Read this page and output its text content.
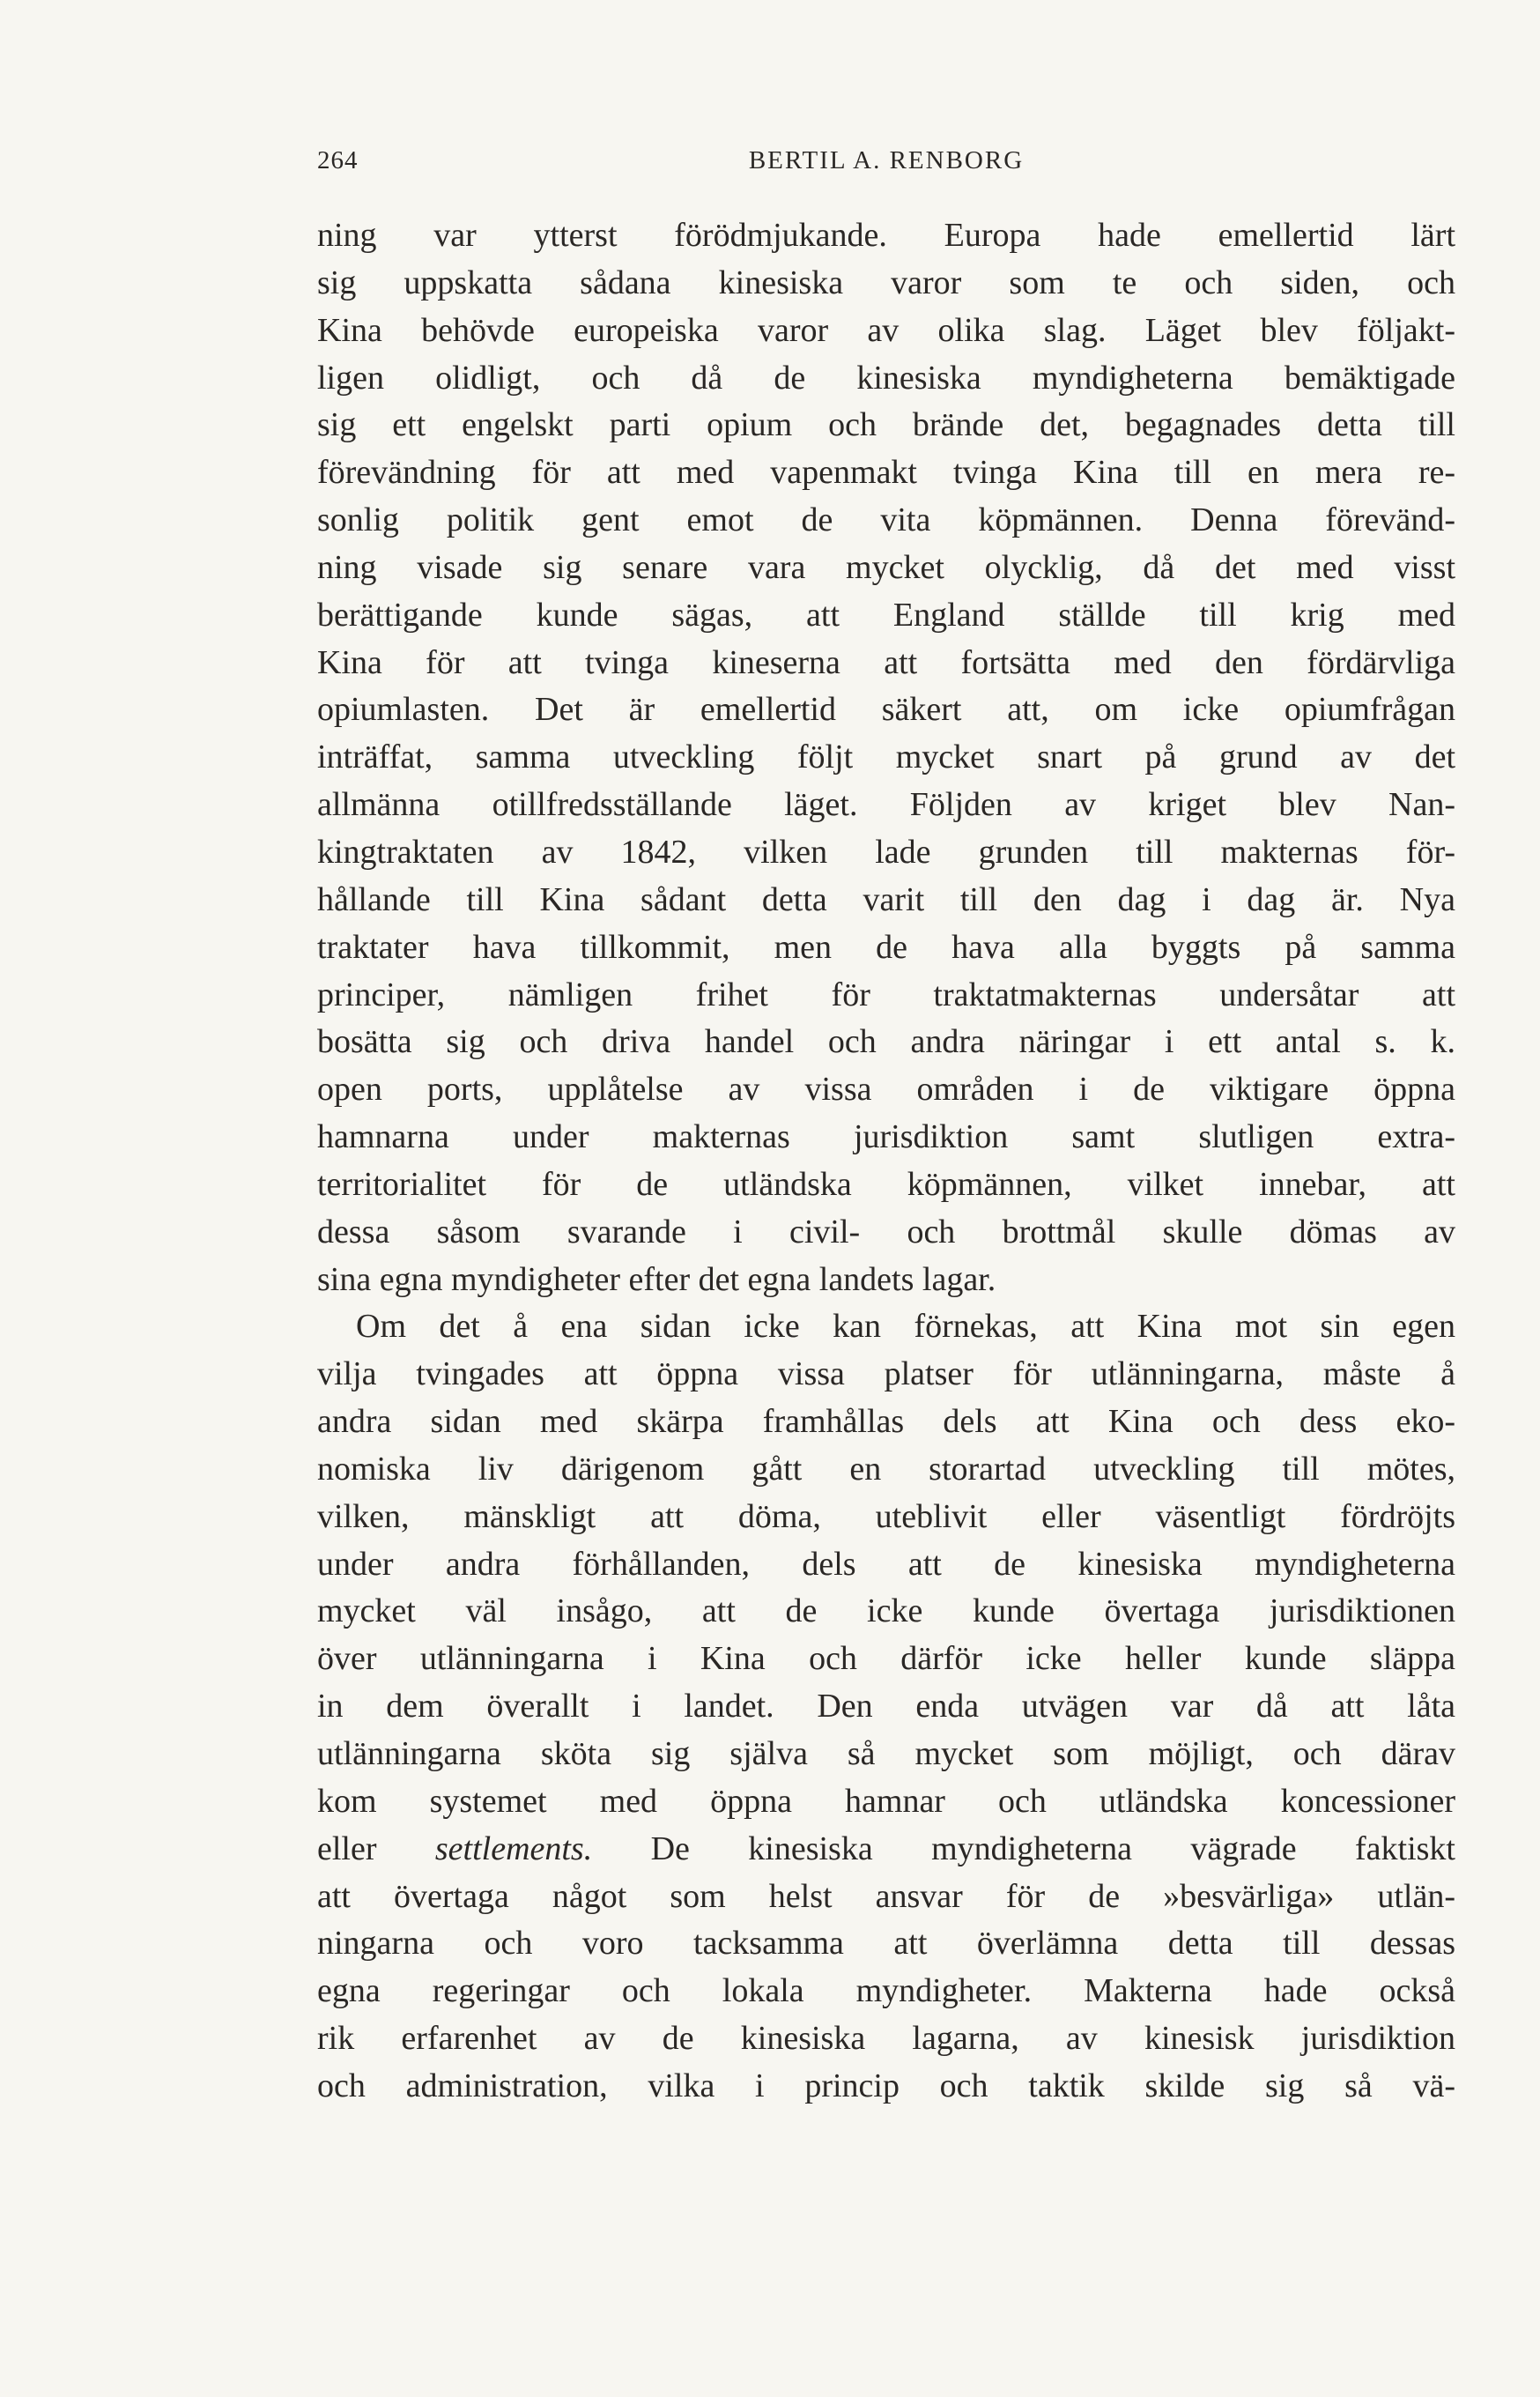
264	BERTIL A. RENBORG
ning var ytterst förödmjukande. Europa hade emellertid lärt
sig uppskatta sådana kinesiska varor som te och siden, och
Kina behövde europeiska varor av olika slag. Läget blev följakt-
ligen olidligt, och då de kinesiska myndigheterna bemäktigade
sig ett engelskt parti opium och brände det, begagnades detta till
förevändning för att med vapenmakt tvinga Kina till en mera re-
sonlig politik gent emot de vita köpmännen. Denna förevänd-
ning visade sig senare vara mycket olycklig, då det med visst
berättigande kunde sägas, att England ställde till krig med
Kina för att tvinga kineserna att fortsätta med den fördärvliga
opiumlasten. Det är emellertid säkert att, om icke opiumfrågan
inträffat, samma utveckling följt mycket snart på grund av det
allmänna otillfredsställande läget. Följden av kriget blev Nan-
kingtraktaten av 1842, vilken lade grunden till makternas för-
hållande till Kina sådant detta varit till den dag i dag är. Nya
traktater hava tillkommit, men de hava alla byggts på samma
principer, nämligen frihet för traktatmakternas undersåtar att
bosätta sig och driva handel och andra näringar i ett antal s. k.
open ports, upplåtelse av vissa områden i de viktigare öppna
hamnarna under makternas jurisdiktion samt slutligen extra-
territorialitet för de utländska köpmännen, vilket innebar, att
dessa såsom svarande i civil- och brottmål skulle dömas av
sina egna myndigheter efter det egna landets lagar.
Om det å ena sidan icke kan förnekas, att Kina mot sin egen
vilja tvingades att öppna vissa platser för utlänningarna, måste å
andra sidan med skärpa framhållas dels att Kina och dess eko-
nomiska liv därigenom gått en storartad utveckling till mötes,
vilken, mänskligt att döma, uteblivit eller väsentligt fördröjts
under andra förhållanden, dels att de kinesiska myndigheterna
mycket väl insågo, att de icke kunde övertaga jurisdiktionen
över utlänningarna i Kina och därför icke heller kunde släppa
in dem överallt i landet. Den enda utvägen var då att låta
utlänningarna sköta sig själva så mycket som möjligt, och därav
kom systemet med öppna hamnar och utländska koncessioner
eller settlements. De kinesiska myndigheterna vägrade faktiskt
att övertaga något som helst ansvar för de »besvärliga» utlän-
ningarna och voro tacksamma att överlämna detta till dessas
egna regeringar och lokala myndigheter. Makterna hade också
rik erfarenhet av de kinesiska lagarna, av kinesisk jurisdiktion
och administration, vilka i princip och taktik skilde sig så vä-
